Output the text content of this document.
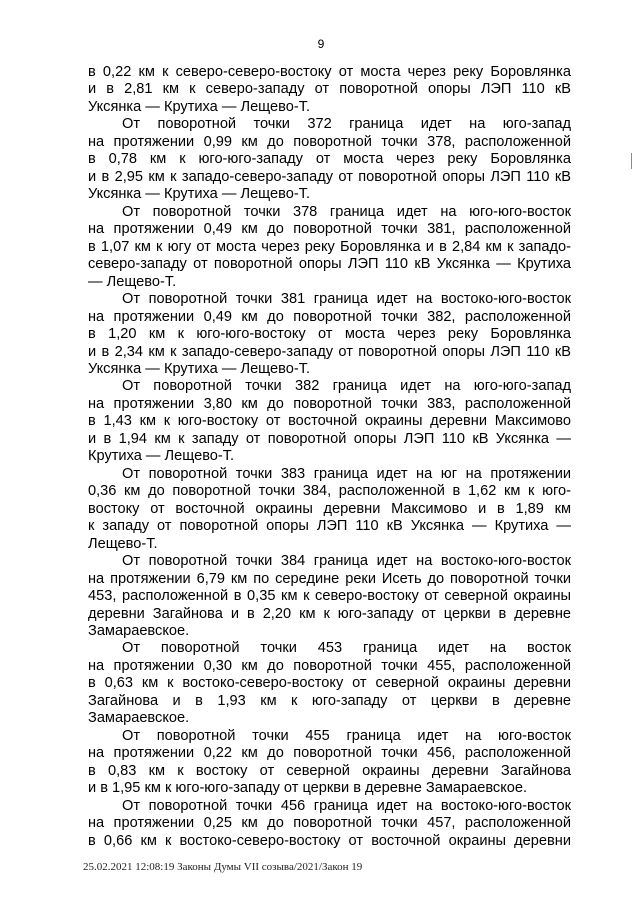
9
в 0,22 км к северо-северо-востоку от моста через реку Боровлянка
и в 2,81 км к северо-западу от поворотной опоры ЛЭП 110 кВ
Уксянка — Крутиха — Лещево-Т.
От поворотной точки 372 граница идет на юго-запад
на протяжении 0,99 км до поворотной точки 378, расположенной
в 0,78 км к юго-юго-западу от моста через реку Боровлянка
и в 2,95 км к западо-северо-западу от поворотной опоры ЛЭП 110 кВ
Уксянка — Крутиха — Лещево-Т.
От поворотной точки 378 граница идет на юго-юго-восток
на протяжении 0,49 км до поворотной точки 381, расположенной
в 1,07 км к югу от моста через реку Боровлянка и в 2,84 км к западо-
северо-западу от поворотной опоры ЛЭП 110 кВ Уксянка — Крутиха
— Лещево-Т.
От поворотной точки 381 граница идет на востоко-юго-восток
на протяжении 0,49 км до поворотной точки 382, расположенной
в 1,20 км к юго-юго-востоку от моста через реку Боровлянка
и в 2,34 км к западо-северо-западу от поворотной опоры ЛЭП 110 кВ
Уксянка — Крутиха — Лещево-Т.
От поворотной точки 382 граница идет на юго-юго-запад
на протяжении 3,80 км до поворотной точки 383, расположенной
в 1,43 км к юго-востоку от восточной окраины деревни Максимово
и в 1,94 км к западу от поворотной опоры ЛЭП 110 кВ Уксянка —
Крутиха — Лещево-Т.
От поворотной точки 383 граница идет на юг на протяжении
0,36 км до поворотной точки 384, расположенной в 1,62 км к юго-
востоку от восточной окраины деревни Максимово и в 1,89 км
к западу от поворотной опоры ЛЭП 110 кВ Уксянка — Крутиха —
Лещево-Т.
От поворотной точки 384 граница идет на востоко-юго-восток
на протяжении 6,79 км по середине реки Исеть до поворотной точки
453, расположенной в 0,35 км к северо-востоку от северной окраины
деревни Загайнова и в 2,20 км к юго-западу от церкви в деревне
Замараевское.
От поворотной точки 453 граница идет на восток
на протяжении 0,30 км до поворотной точки 455, расположенной
в 0,63 км к востоко-северо-востоку от северной окраины деревни
Загайнова и в 1,93 км к юго-западу от церкви в деревне
Замараевское.
От поворотной точки 455 граница идет на юго-восток
на протяжении 0,22 км до поворотной точки 456, расположенной
в 0,83 км к востоку от северной окраины деревни Загайнова
и в 1,95 км к юго-юго-западу от церкви в деревне Замараевское.
От поворотной точки 456 граница идет на востоко-юго-восток
на протяжении 0,25 км до поворотной точки 457, расположенной
в 0,66 км к востоко-северо-востоку от восточной окраины деревни
25.02.2021 12:08:19 Законы Думы VII созыва/2021/Закон 19
